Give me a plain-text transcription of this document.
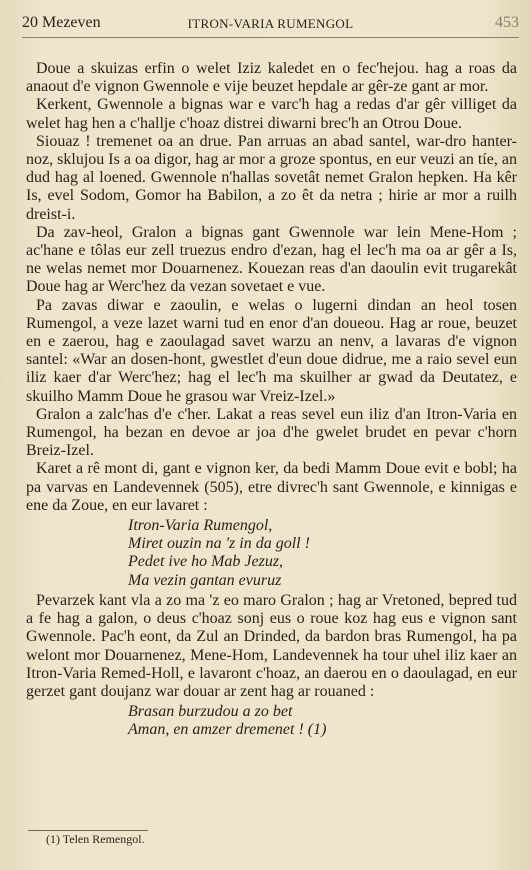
20 Mezeven	ITRON-VARIA RUMENGOL	453

Doue a skuizas erfin o welet Iziz kaledet en o fec'hejou. hag a roas da anaout d'e vignon Gwennole e vije beuzet hepdale ar gêr-ze gant ar mor.

Kerkent, Gwennole a bignas war e varc'h hag a redas d'ar gêr villiget da welet hag hen a c'hallje c'hoaz distrei diwarni brec'h an Otrou Doue.

Siouaz ! tremenet oa an drue. Pan arruas an abad santel, war-dro hanter-noz, sklujou Is a oa digor, hag ar mor a groze spontus, en eur veuzi an tíe, an dud hag al loened. Gwennole n'hallas sovetât nemet Gralon hepken. Ha kêr Is, evel Sodom, Gomor ha Babilon, a zo êt da netra ; hirie ar mor a ruilh dreist-i.

Da zav-heol, Gralon a bignas gant Gwennole war lein Mene-Hom ; ac'hane e tôlas eur zell truezus endro d'ezan, hag el lec'h ma oa ar gêr a Is, ne welas nemet mor Douarnenez. Kouezan reas d'an daoulin evit trugarekât Doue hag ar Werc'hez da vezan sovetaet e vue.

Pa zavas diwar e zaoulin, e welas o lugerni dindan an heol tosen Rumengol, a veze lazet warni tud en enor d'an doueou. Hag ar roue, beuzet en e zaerou, hag e zaoulagad savet warzu an nenv, a lavaras d'e vignon santel: «War an dosen-hont, gwestlet d'eun doue didrue, me a raio sevel eun iliz kaer d'ar Werc'hez; hag el lec'h ma skuilher ar gwad da Deutatez, e skuilho Mamm Doue he grasou war Vreiz-Izel.»

Gralon a zalc'has d'e c'her. Lakat a reas sevel eun iliz d'an Itron-Varia en Rumengol, ha bezan en devoe ar joa d'he gwelet brudet en pevar c'horn Breiz-Izel.

Karet a rê mont di, gant e vignon ker, da bedi Mamm Doue evit e bobl; ha pa varvas en Landevennek (505), etre divrec'h sant Gwennole, e kinnigas e ene da Zoue, en eur lavaret :

Itron-Varia Rumengol,
Miret ouzin na 'z in da goll !
Pedet ive ho Mab Jezuz,
Ma vezin gantan evuruz

Pevarzek kant vla a zo ma 'z eo maro Gralon ; hag ar Vretoned, bepred tud a fe hag a galon, o deus c'hoaz sonj eus o roue koz hag eus e vignon sant Gwennole. Pac'h eont, da Zul an Drinded, da bardon bras Rumengol, ha pa welont mor Douarnenez, Mene-Hom, Landevennek ha tour uhel iliz kaer an Itron-Varia Remed-Holl, e lavaront c'hoaz, an daerou en o daoulagad, en eur gerzet gant doujanz war douar ar zent hag ar rouaned :

Brasan burzudou a zo bet
Aman, en amzer dremenet ! (1)
(1) Telen Remengol.
